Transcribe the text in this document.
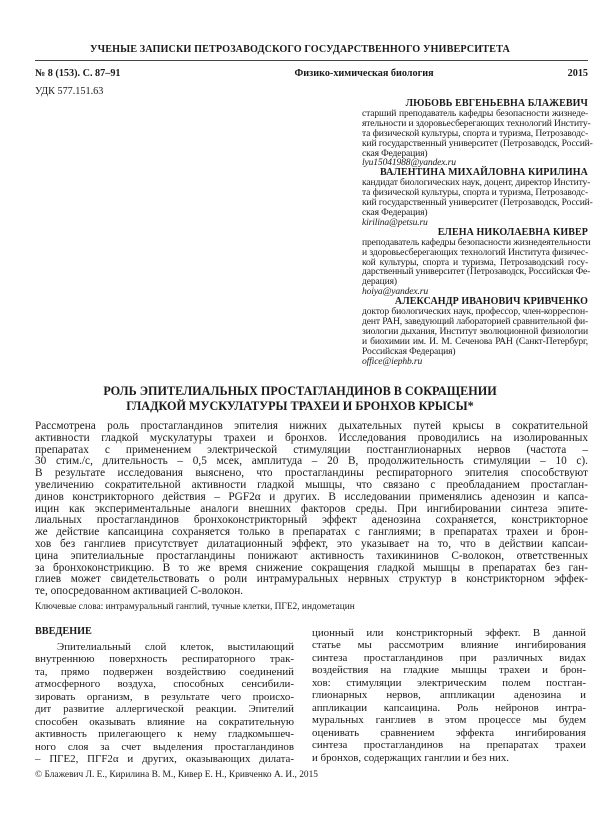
УЧЕНЫЕ ЗАПИСКИ ПЕТРОЗАВОДСКОГО ГОСУДАРСТВЕННОГО УНИВЕРСИТЕТА
№ 8 (153). С. 87–91	Физико-химическая биология	2015
УДК 577.151.63
ЛЮБОВЬ ЕВГЕНЬЕВНА БЛАЖЕВИЧ
старший преподаватель кафедры безопасности жизнеде-
ятельности и здоровьесберегающих технологий Институ-
та физической культуры, спорта и туризма, Петрозаводс-
кий государственный университет (Петрозаводск, Россий-
ская Федерация)
lyu15041988@yandex.ru
ВАЛЕНТИНА МИХАЙЛОВНА КИРИЛИНА
кандидат биологических наук, доцент, директор Институ-
та физической культуры, спорта и туризма, Петрозаводс-
кий государственный университет (Петрозаводск, Россий-
ская Федерация)
kirilina@petsu.ru
ЕЛЕНА НИКОЛАЕВНА КИВЕР
преподаватель кафедры безопасности жизнедеятельности
и здоровьесберегающих технологий Института физичес-
кой культуры, спорта и туризма, Петрозаводский госу-
дарственный университет (Петрозаводск, Российская Фе-
дерация)
hoiya@yandex.ru
АЛЕКСАНДР ИВАНОВИЧ КРИВЧЕНКО
доктор биологических наук, профессор, член-корреспон-
дент РАН, заведующий лабораторией сравнительной фи-
зиологии дыхания, Институт эволюционной физиологии
и биохимии им. И. М. Сеченова РАН (Санкт-Петербург,
Российская Федерация)
office@iephb.ru
РОЛЬ ЭПИТЕЛИАЛЬНЫХ ПРОСТАГЛАНДИНОВ В СОКРАЩЕНИИ
ГЛАДКОЙ МУСКУЛАТУРЫ ТРАХЕИ И БРОНХОВ КРЫСЫ*
Рассмотрена роль простагландинов эпителия нижних дыхательных путей крысы в сократительной
активности гладкой мускулатуры трахеи и бронхов. Исследования проводились на изолированных
препаратах с применением электрической стимуляции постганглионарных нервов (частота –
30 стим./с, длительность – 0,5 мсек, амплитуда – 20 В, продолжительность стимуляции – 10 с).
В результате исследования выяснено, что простагландины респираторного эпителия способствуют
увеличению сократительной активности гладкой мышцы, что связано с преобладанием простаглан-
динов констрикторного действия – PGF2α и других. В исследовании применялись аденозин и капса-
ицин как экспериментальные аналоги внешних факторов среды. При ингибировании синтеза эпите-
лиальных простагландинов бронхоконстрикторный эффект аденозина сохраняется, констрикторное
же действие капсаицина сохраняется только в препаратах с ганглиями; в препаратах трахеи и брон-
хов без ганглиев присутствует дилатационный эффект, это указывает на то, что в действии капсаи-
цина эпителиальные простагландины понижают активность тахикининов С-волокон, ответственных
за бронхоконстрикцию. В то же время снижение сокращения гладкой мышцы в препаратах без ган-
глиев может свидетельствовать о роли интрамуральных нервных структур в констрикторном эффек-
те, опосредованном активацией С-волокон.
Ключевые слова: интрамуральный ганглий, тучные клетки, ПГЕ2, индометацин
ВВЕДЕНИЕ
Эпителиальный слой клеток, выстилающий
внутреннюю поверхность респираторного трак-
та, прямо подвержен воздействию соединений
атмосферного воздуха, способных сенсибили-
зировать организм, в результате чего происхо-
дит развитие аллергической реакции. Эпителий
способен оказывать влияние на сократительную
активность прилегающего к нему гладкомышеч-
ного слоя за счет выделения простагландинов
– ПГЕ2, ПГF2α и других, оказывающих дилата-
ционный или констрикторный эффект. В данной
статье мы рассмотрим влияние ингибирования
синтеза простагландинов при различных видах
воздействия на гладкие мышцы трахеи и брон-
хов: стимуляции электрическим полем постган-
глионарных нервов, аппликации аденозина и
аппликации капсаицина. Роль нейронов интра-
муральных ганглиев в этом процессе мы будем
оценивать сравнением эффекта ингибирования
синтеза простагландинов на препаратах трахеи
и бронхов, содержащих ганглии и без них.
© Блажевич Л. Е., Кирилина В. М., Кивер Е. Н., Кривченко А. И., 2015
